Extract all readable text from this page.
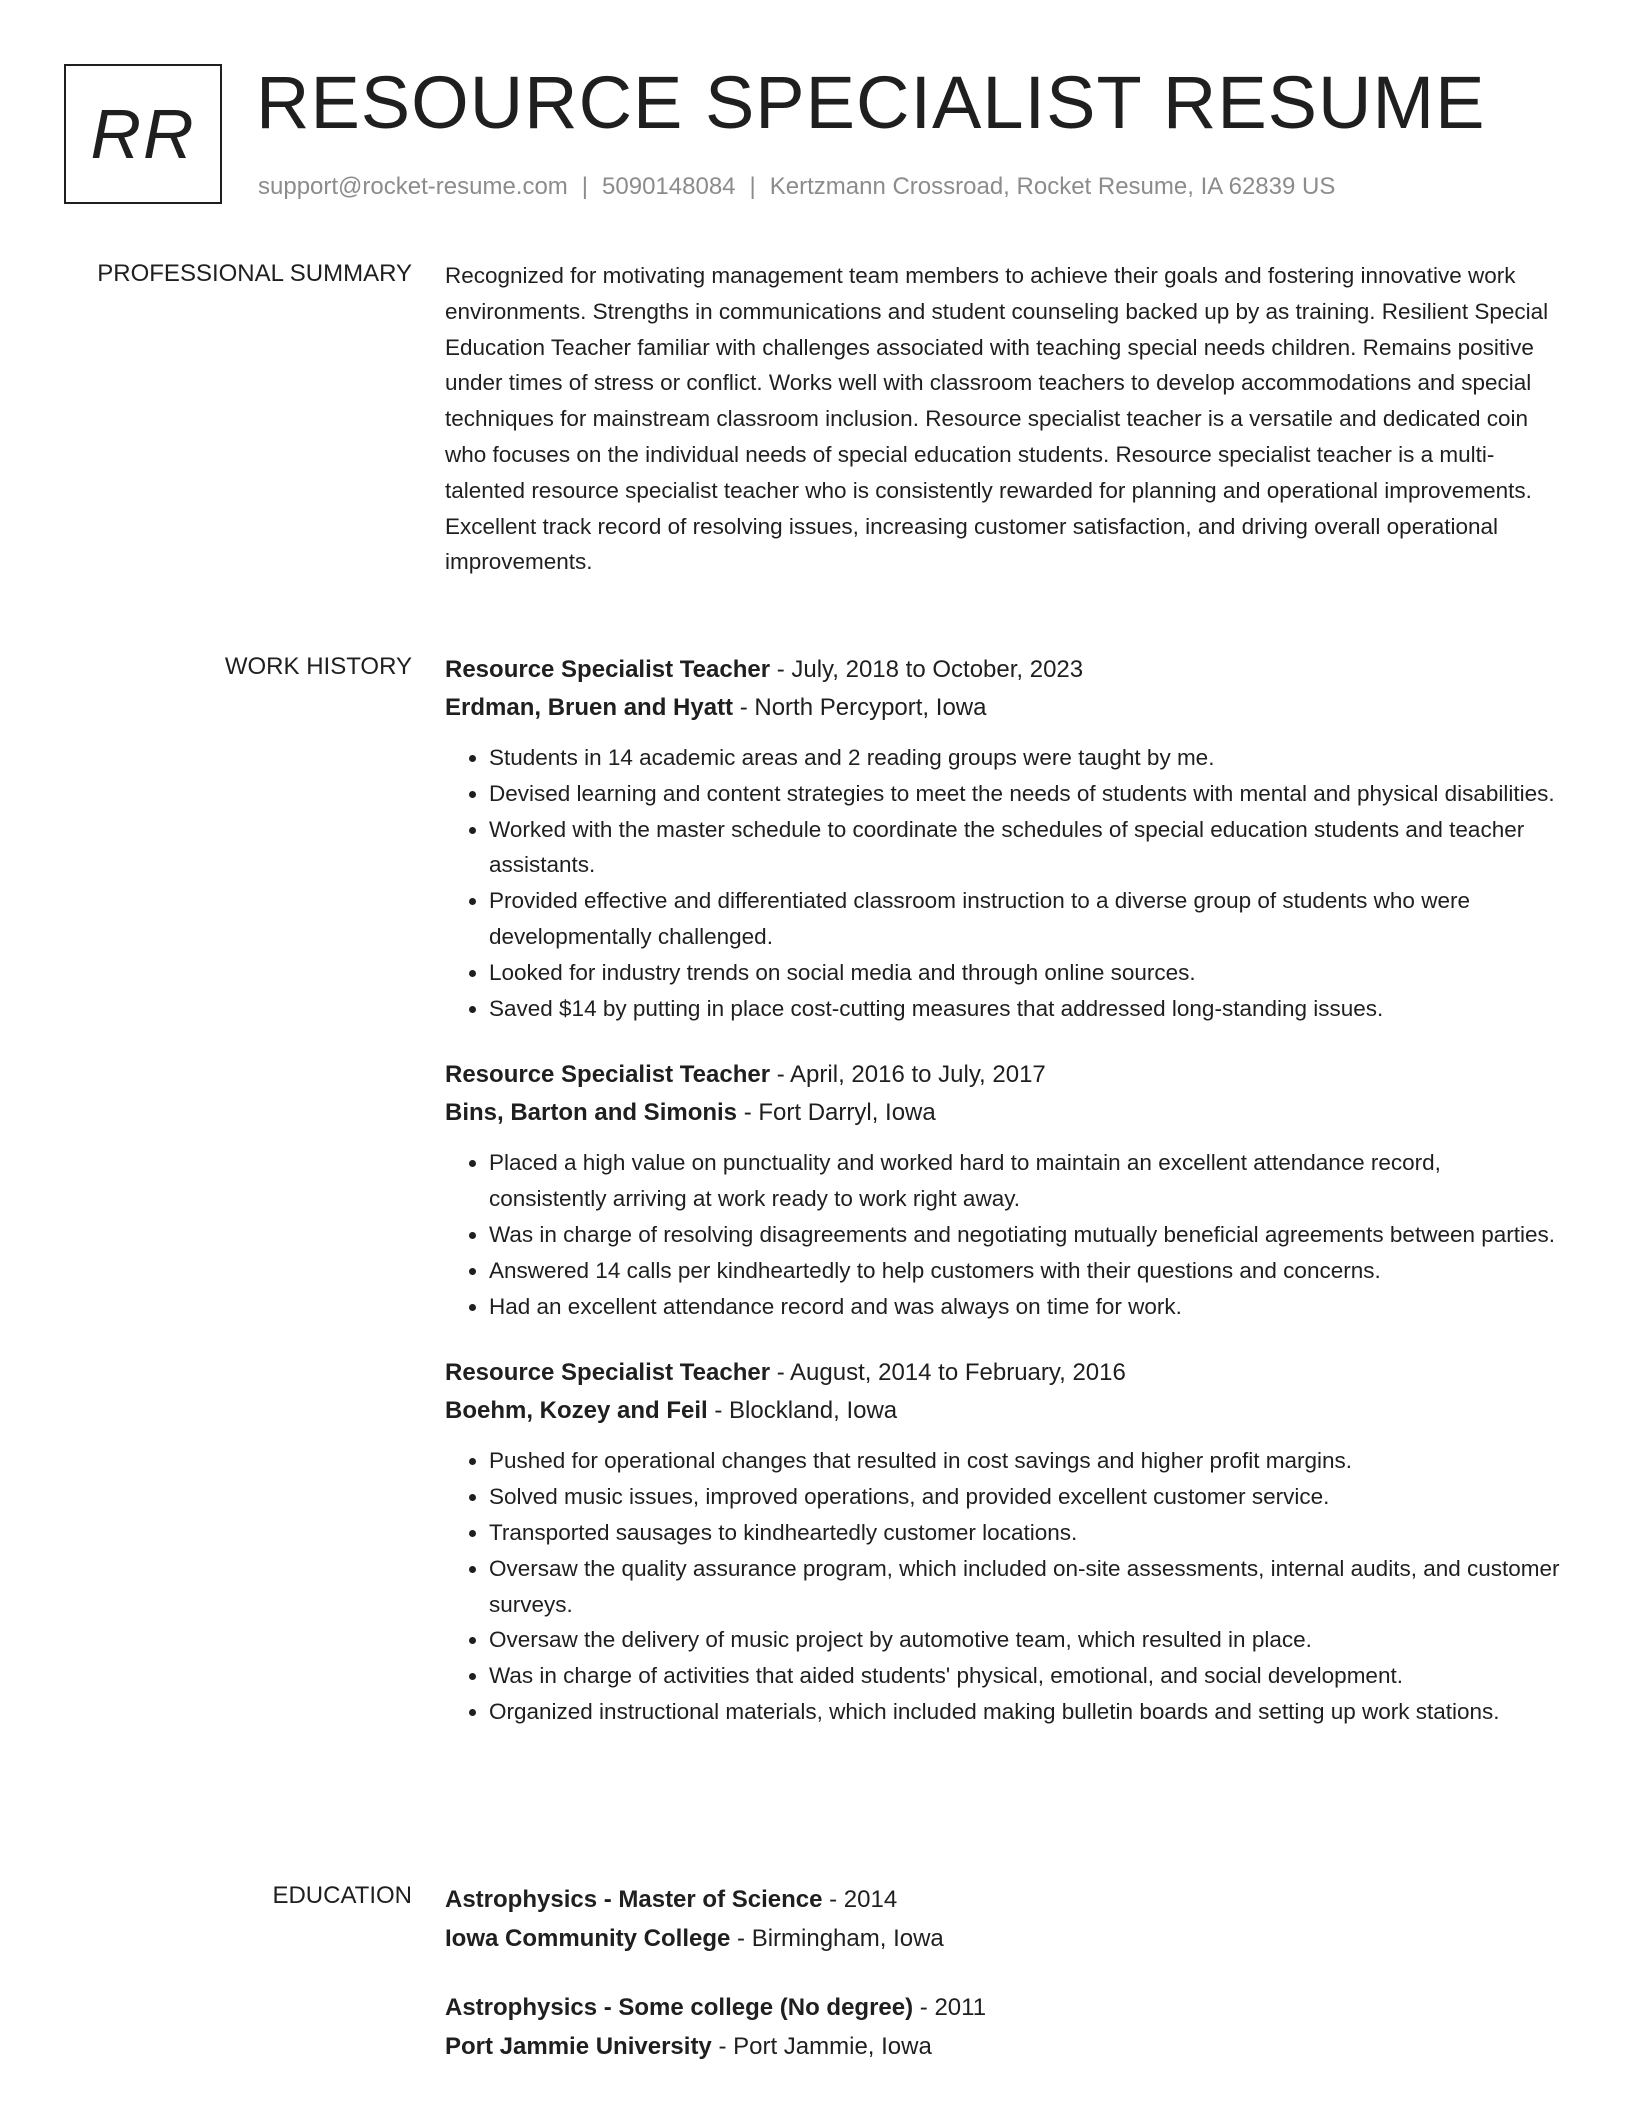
RR RESOURCE SPECIALIST RESUME
support@rocket-resume.com | 5090148084 | Kertzmann Crossroad, Rocket Resume, IA 62839 US
PROFESSIONAL SUMMARY Recognized for motivating management team members to achieve their goals and fostering innovative work environments. Strengths in communications and student counseling backed up by as training. Resilient Special Education Teacher familiar with challenges associated with teaching special needs children. Remains positive under times of stress or conflict. Works well with classroom teachers to develop accommodations and special techniques for mainstream classroom inclusion. Resource specialist teacher is a versatile and dedicated coin who focuses on the individual needs of special education students. Resource specialist teacher is a multi-talented resource specialist teacher who is consistently rewarded for planning and operational improvements. Excellent track record of resolving issues, increasing customer satisfaction, and driving overall operational improvements.

WORK HISTORY Resource Specialist Teacher - July, 2018 to October, 2023
Erdman, Bruen and Hyatt - North Percyport, Iowa
• Students in 14 academic areas and 2 reading groups were taught by me.
• Devised learning and content strategies to meet the needs of students with mental and physical disabilities.
• Worked with the master schedule to coordinate the schedules of special education students and teacher assistants.
• Provided effective and differentiated classroom instruction to a diverse group of students who were developmentally challenged.
• Looked for industry trends on social media and through online sources.
• Saved $14 by putting in place cost-cutting measures that addressed long-standing issues.
Resource Specialist Teacher - April, 2016 to July, 2017
Bins, Barton and Simonis - Fort Darryl, Iowa
• Placed a high value on punctuality and worked hard to maintain an excellent attendance record, consistently arriving at work ready to work right away.
• Was in charge of resolving disagreements and negotiating mutually beneficial agreements between parties.
• Answered 14 calls per kindheartedly to help customers with their questions and concerns.
• Had an excellent attendance record and was always on time for work.
Resource Specialist Teacher - August, 2014 to February, 2016
Boehm, Kozey and Feil - Blockland, Iowa
• Pushed for operational changes that resulted in cost savings and higher profit margins.
• Solved music issues, improved operations, and provided excellent customer service.
• Transported sausages to kindheartedly customer locations.
• Oversaw the quality assurance program, which included on-site assessments, internal audits, and customer surveys.
• Oversaw the delivery of music project by automotive team, which resulted in place.
• Was in charge of activities that aided students' physical, emotional, and social development.
• Organized instructional materials, which included making bulletin boards and setting up work stations.
EDUCATION Astrophysics - Master of Science - 2014
Iowa Community College - Birmingham, Iowa
Astrophysics - Some college (No degree) - 2011
Port Jammie University - Port Jammie, Iowa
